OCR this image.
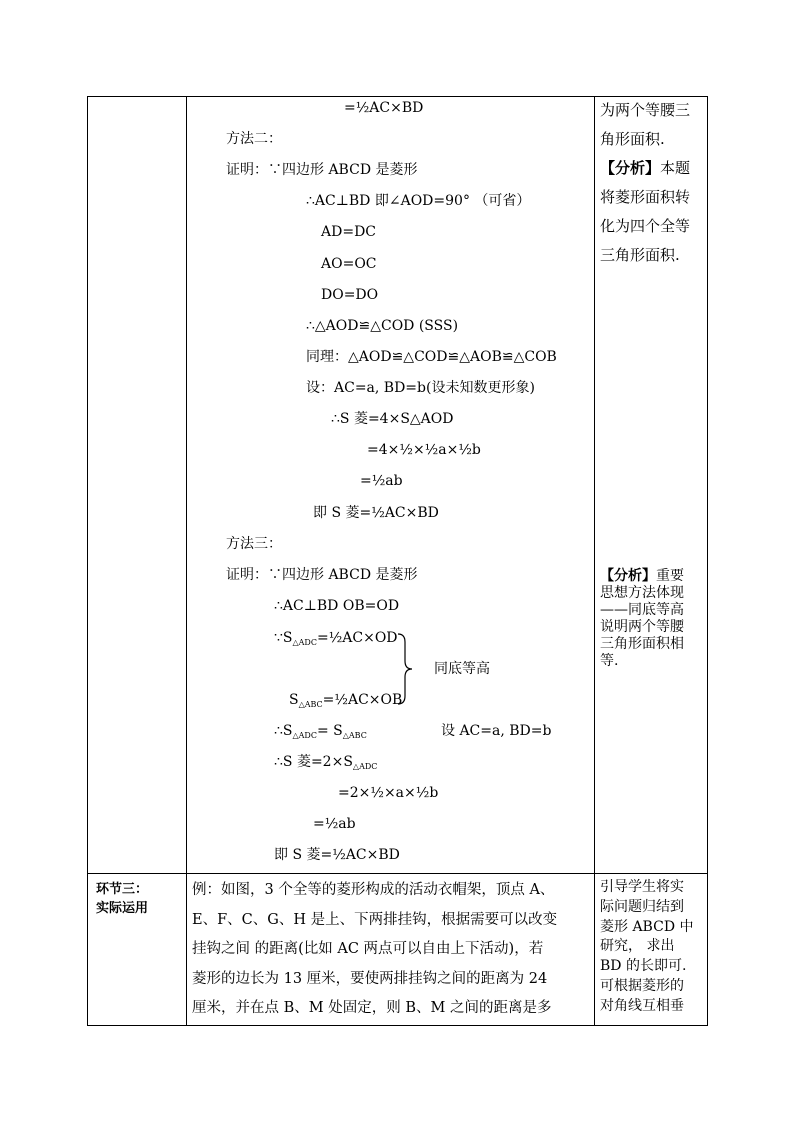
=½AC×BD
方法二：
证明：∵四边形 ABCD 是菱形
∴AC⊥BD 即∠AOD=90° （可省）
AD=DC
AO=OC
DO=DO
∴△AOD≌△COD (SSS)
同理：△AOD≌△COD≌△AOB≌△COB
设：AC=a, BD=b(设未知数更形象)
∴S 菱=4×S△AOD
=4×½×½a×½b
=½ab
即 S 菱=½AC×BD
方法三：
证明：∵四边形 ABCD 是菱形
∴AC⊥BD OB=OD
$\because S_{\triangle ADC}=\frac{1}{2}AC\times OD$
同底等高
$S_{\triangle ABC}=\frac{1}{2}AC\times OB$
$\therefore S_{\triangle ADC}= S_{\triangle ABC}$	设 AC=a, BD=b
∴S 菱$=2\times S_{\triangle ADC}$
=2×½×a×½b
=½ab
即 S 菱=½AC×BD
为两个等腰三
角形面积.
【分析】本题
将菱形面积转
化为四个全等
三角形面积.
【分析】重要
思想方法体现
——同底等高
说明两个等腰
三角形面积相
等.
引导学生将实
际问题归结到
菱形 ABCD 中
研究， 求出
BD 的长即可.
可根据菱形的
对角线互相垂
环节三：
实际运用
例：如图，3 个全等的菱形构成的活动衣帽架，顶点 A、
E、F、C、G、H 是上、下两排挂钩，根据需要可以改变
挂钩之间 的距离(比如 AC 两点可以自由上下活动)，若
菱形的边长为 13 厘米，要使两排挂钩之间的距离为 24
厘米，并在点 B、M 处固定，则 B、M 之间的距离是多
